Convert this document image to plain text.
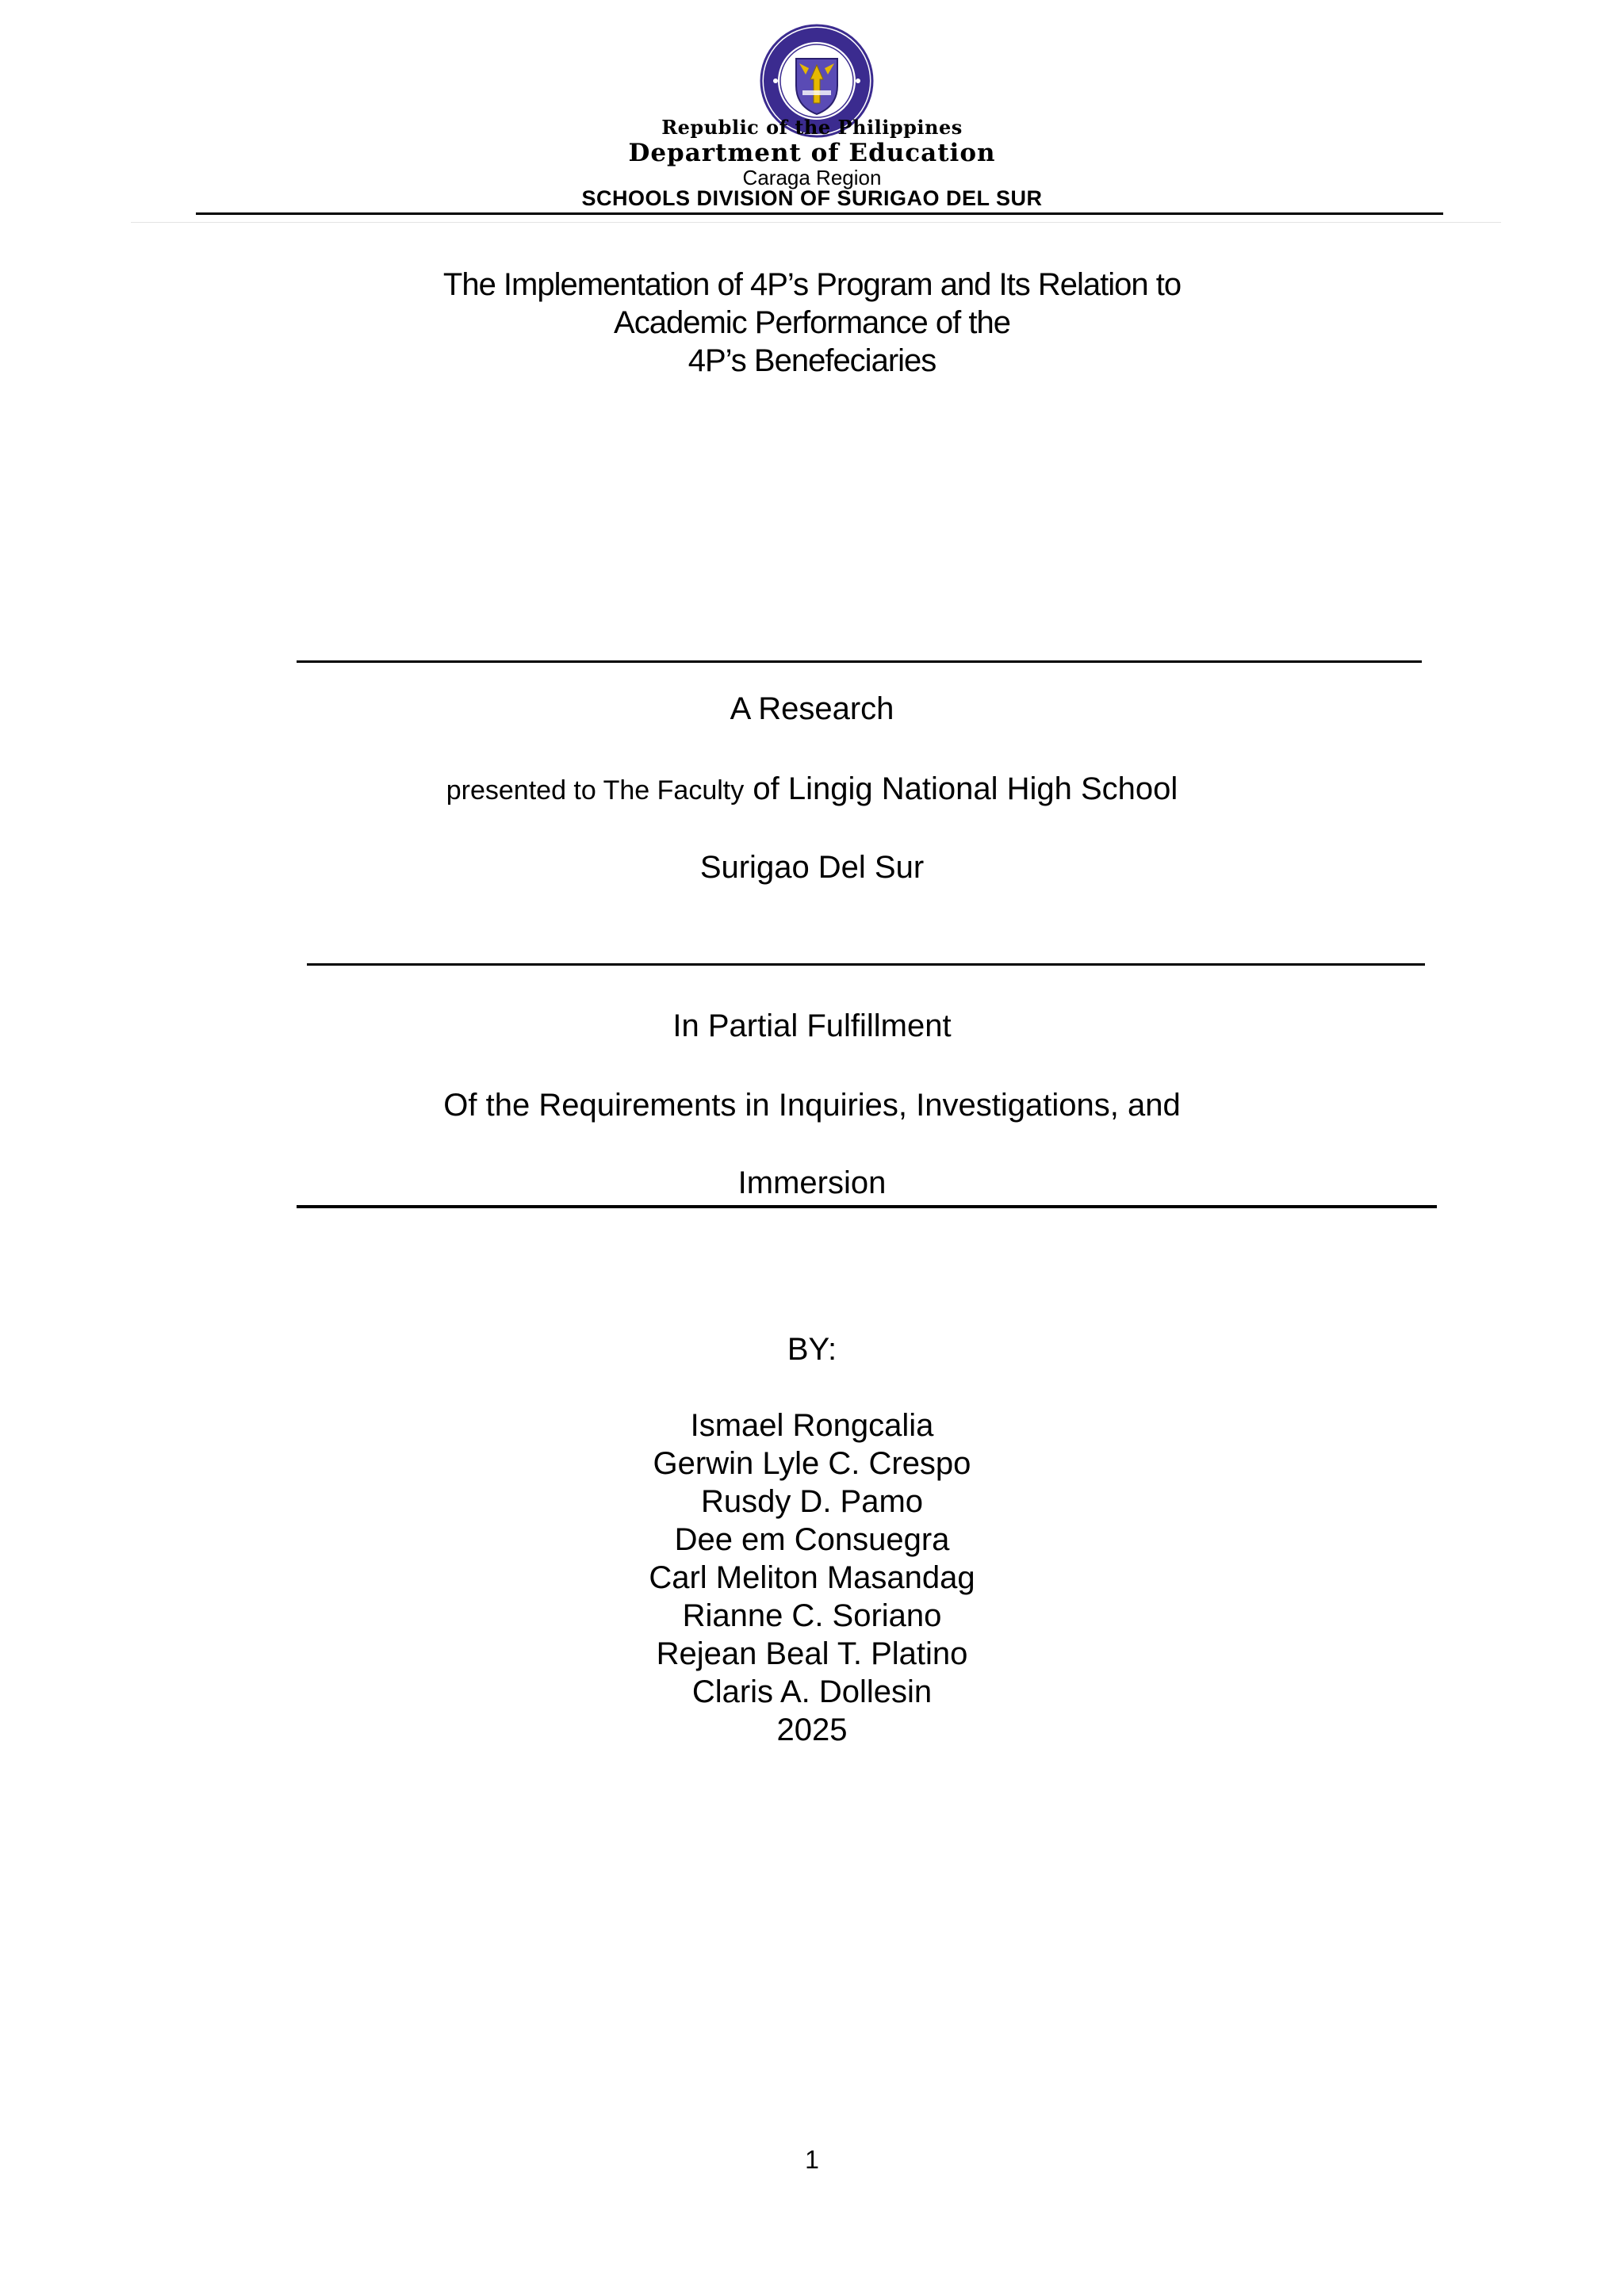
Republic of the Philippines
Department of Education
Caraga Region
SCHOOLS DIVISION OF SURIGAO DEL SUR
The Implementation of 4P’s Program and Its Relation to
Academic Performance of the
4P’s Benefeciaries
A Research
presented to The Faculty of Lingig National High School
Surigao Del Sur
In Partial Fulfillment
Of the Requirements in Inquiries, Investigations, and
Immersion
BY:
Ismael Rongcalia
Gerwin Lyle C. Crespo
Rusdy D. Pamo
Dee em Consuegra
Carl Meliton Masandag
Rianne C. Soriano
Rejean Beal T. Platino
Claris A. Dollesin
2025
1
